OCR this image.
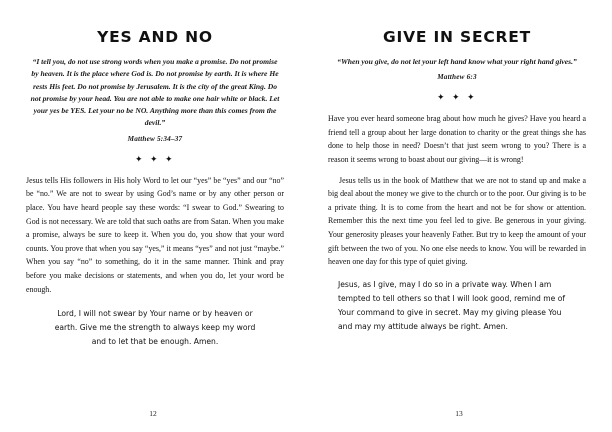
YES AND NO
“I tell you, do not use strong words when you make a promise. Do not promise by heaven. It is the place where God is. Do not promise by earth. It is where He rests His feet. Do not promise by Jerusalem. It is the city of the great King. Do not promise by your head. You are not able to make one hair white or black. Let your yes be YES. Let your no be NO. Anything more than this comes from the devil.”
Matthew 5:34–37
✦ ✦ ✦

Jesus tells His followers in His holy Word to let our “yes” be “yes” and our “no” be “no.” We are not to swear by using God’s name or by any other person or place. You have heard people say these words: “I swear to God.” Swearing to God is not necessary. We are told that such oaths are from Satan. When you make a promise, always be sure to keep it. When you do, you show that your word counts. You prove that when you say “yes,” it means “yes” and not just “maybe.” When you say “no” to something, do it in the same manner. Think and pray before you make decisions or statements, and when you do, let your word be enough.

Lord, I will not swear by Your name or by heaven or earth. Give me the strength to always keep my word and to let that be enough. Amen.
12
GIVE IN SECRET
“When you give, do not let your left hand know what your right hand gives.”
Matthew 6:3
✦ ✦ ✦

Have you ever heard someone brag about how much he gives? Have you heard a friend tell a group about her large donation to charity or the great things she has done to help those in need? Doesn’t that just seem wrong to you? There is a reason it seems wrong to boast about our giving—it is wrong!

Jesus tells us in the book of Matthew that we are not to stand up and make a big deal about the money we give to the church or to the poor. Our giving is to be a private thing. It is to come from the heart and not be for show or attention. Remember this the next time you feel led to give. Be generous in your giving. Your generosity pleases your heavenly Father. But try to keep the amount of your gift between the two of you. No one else needs to know. You will be rewarded in heaven one day for this type of quiet giving.

Jesus, as I give, may I do so in a private way. When I am tempted to tell others so that I will look good, remind me of Your command to give in secret. May my giving please You and may my attitude always be right. Amen.
13
